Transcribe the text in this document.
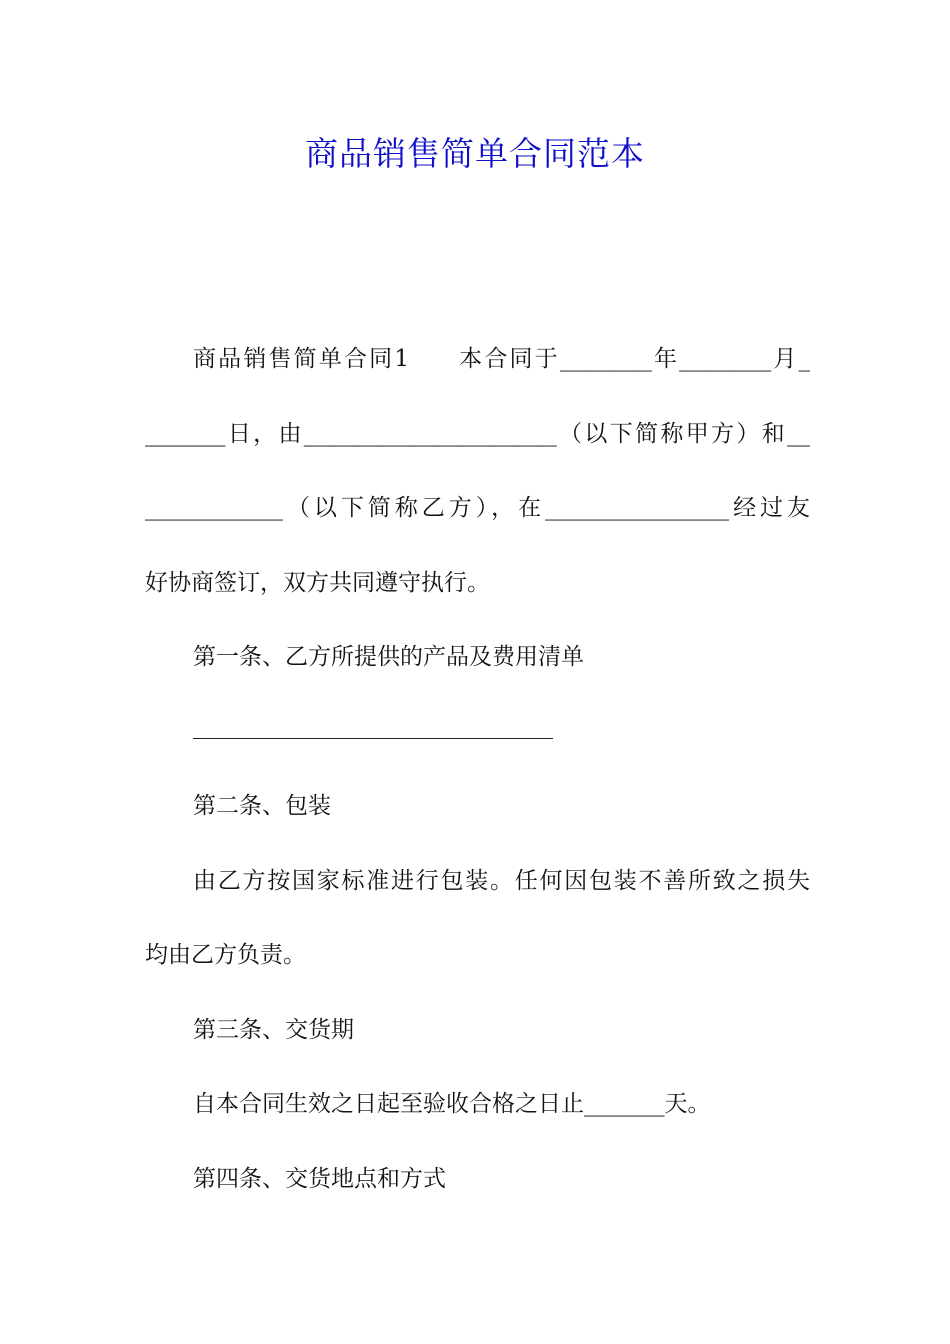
商品销售简单合同范本

商品销售简单合同1 本合同于________年________月_

_______日，由______________________（以下简称甲方）和__

____________（以下简称乙方），在________________经过友

好协商签订，双方共同遵守执行。

第一条、乙方所提供的产品及费用清单

第二条、包装

由乙方按国家标准进行包装。任何因包装不善所致之损失

均由乙方负责。

第三条、交货期

自本合同生效之日起至验收合格之日止_______天。

第四条、交货地点和方式
